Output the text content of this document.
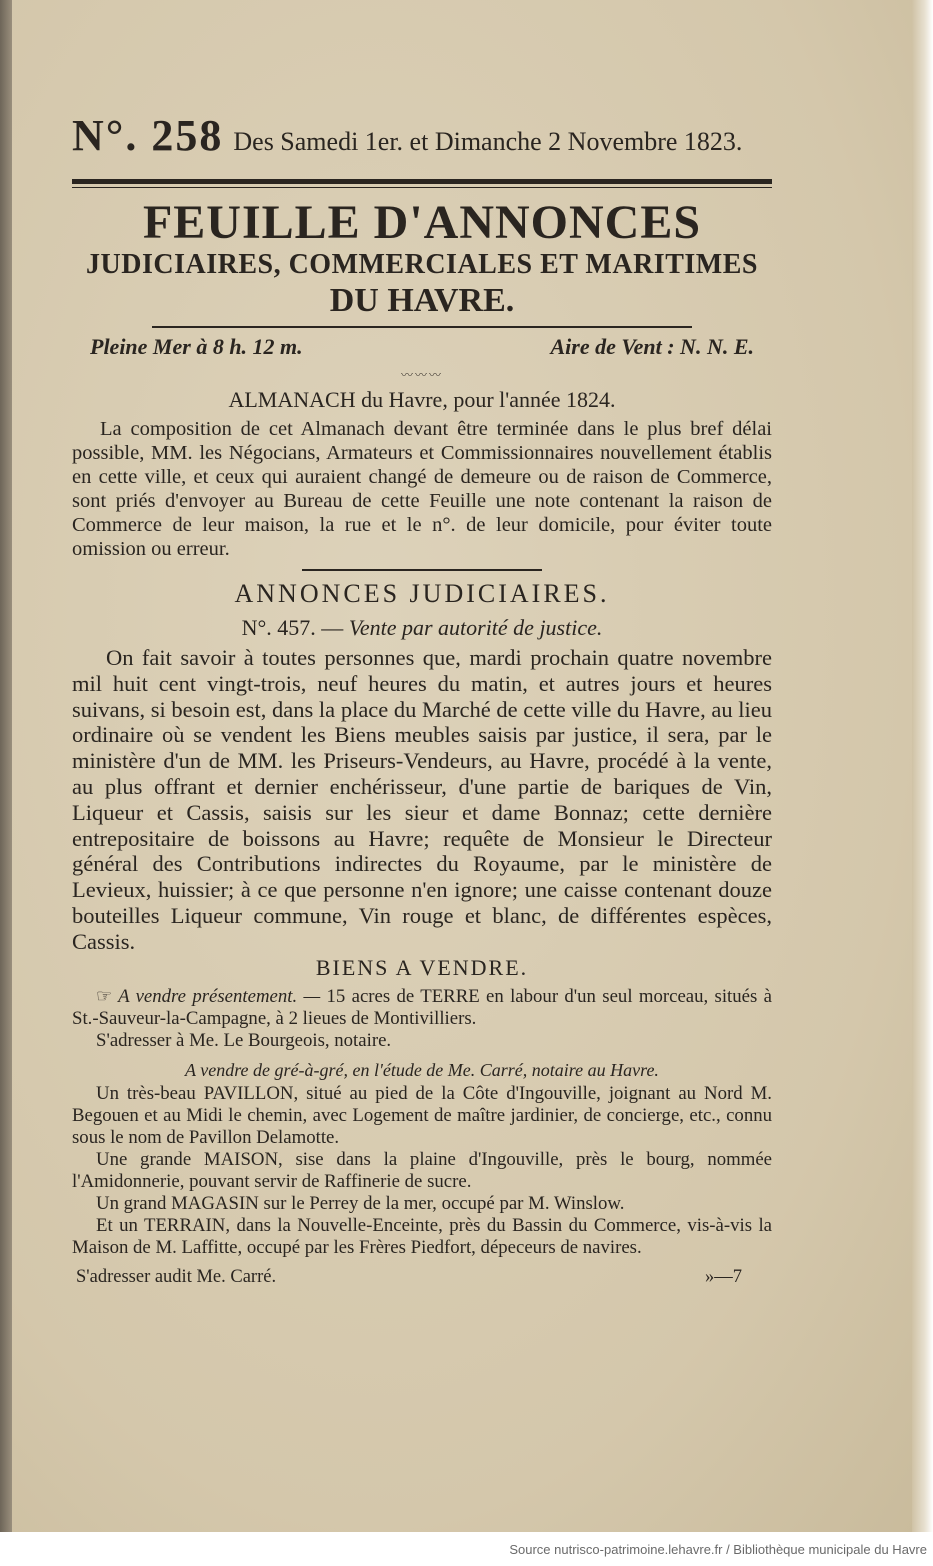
N°. 258 Des Samedi 1er. et Dimanche 2 Novembre 1823.
FEUILLE D'ANNONCES
JUDICIAIRES, COMMERCIALES ET MARITIMES
DU HAVRE.
Pleine Mer à 8 h. 12 m.	Aire de Vent : N. N. E.
〰〰〰
ALMANACH du Havre, pour l'année 1824.

La composition de cet Almanach devant être terminée dans le plus bref délai possible, MM. les Négocians, Armateurs et Commissionnaires nouvellement établis en cette ville, et ceux qui auraient changé de demeure ou de raison de Commerce, sont priés d'envoyer au Bureau de cette Feuille une note contenant la raison de Commerce de leur maison, la rue et le n°. de leur domicile, pour éviter toute omission ou erreur.

ANNONCES JUDICIAIRES.
N°. 457. — Vente par autorité de justice.

On fait savoir à toutes personnes que, mardi prochain quatre novembre mil huit cent vingt-trois, neuf heures du matin, et autres jours et heures suivans, si besoin est, dans la place du Marché de cette ville du Havre, au lieu ordinaire où se vendent les Biens meubles saisis par justice, il sera, par le ministère d'un de MM. les Priseurs-Vendeurs, au Havre, procédé à la vente, au plus offrant et dernier enchérisseur, d'une partie de bariques de Vin, Liqueur et Cassis, saisis sur les sieur et dame Bonnaz; cette dernière entrepositaire de boissons au Havre; requête de Monsieur le Directeur général des Contributions indirectes du Royaume, par le ministère de Levieux, huissier; à ce que personne n'en ignore; une caisse contenant douze bouteilles Liqueur commune, Vin rouge et blanc, de différentes espèces, Cassis.

BIENS A VENDRE.

☞ A vendre présentement. — 15 acres de TERRE en labour d'un seul morceau, situés à St.-Sauveur-la-Campagne, à 2 lieues de Montivilliers.

S'adresser à Me. Le Bourgeois, notaire.

A vendre de gré-à-gré, en l'étude de Me. Carré, notaire au Havre.

Un très-beau PAVILLON, situé au pied de la Côte d'Ingouville, joignant au Nord M. Begouen et au Midi le chemin, avec Logement de maître jardinier, de concierge, etc., connu sous le nom de Pavillon Delamotte.

Une grande MAISON, sise dans la plaine d'Ingouville, près le bourg, nommée l'Amidonnerie, pouvant servir de Raffinerie de sucre.

Un grand MAGASIN sur le Perrey de la mer, occupé par M. Winslow.

Et un TERRAIN, dans la Nouvelle-Enceinte, près du Bassin du Commerce, vis-à-vis la Maison de M. Laffitte, occupé par les Frères Piedfort, dépeceurs de navires.

S'adresser audit Me. Carré.	»—7
Source nutrisco-patrimoine.lehavre.fr / Bibliothèque municipale du Havre
